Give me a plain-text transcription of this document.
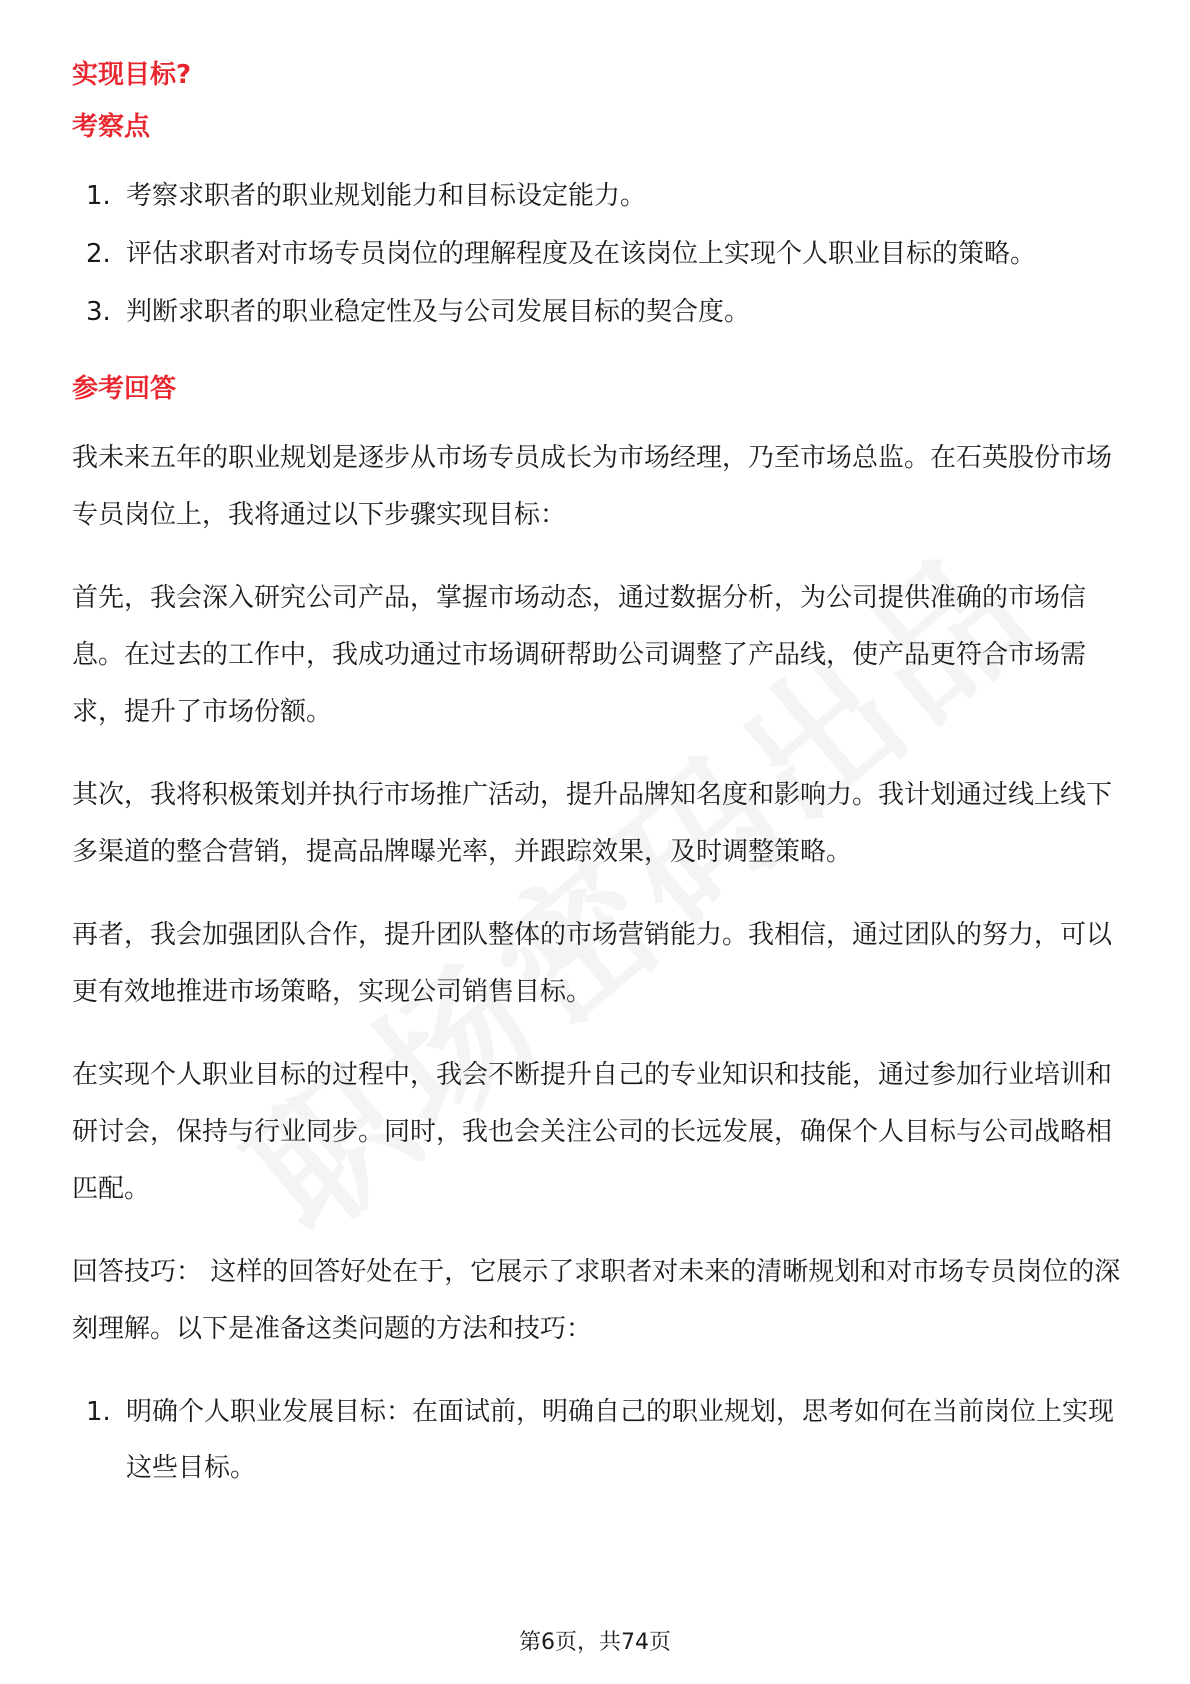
实现目标?
考察点
1. 考察求职者的职业规划能力和目标设定能力。
2. 评估求职者对市场专员岗位的理解程度及在该岗位上实现个人职业目标的策略。
3. 判断求职者的职业稳定性及与公司发展目标的契合度。
参考回答

我未来五年的职业规划是逐步从市场专员成长为市场经理，乃至市场总监。在石英股份市场专员岗位上，我将通过以下步骤实现目标：

首先，我会深入研究公司产品，掌握市场动态，通过数据分析，为公司提供准确的市场信息。在过去的工作中，我成功通过市场调研帮助公司调整了产品线，使产品更符合市场需求，提升了市场份额。

其次，我将积极策划并执行市场推广活动，提升品牌知名度和影响力。我计划通过线上线下多渠道的整合营销，提高品牌曝光率，并跟踪效果，及时调整策略。

再者，我会加强团队合作，提升团队整体的市场营销能力。我相信，通过团队的努力，可以更有效地推进市场策略，实现公司销售目标。

在实现个人职业目标的过程中，我会不断提升自己的专业知识和技能，通过参加行业培训和研讨会，保持与行业同步。同时，我也会关注公司的长远发展，确保个人目标与公司战略相匹配。

回答技巧： 这样的回答好处在于，它展示了求职者对未来的清晰规划和对市场专员岗位的深刻理解。以下是准备这类问题的方法和技巧：

1. 明确个人职业发展目标：在面试前，明确自己的职业规划，思考如何在当前岗位上实现这些目标。
第6页，共74页
